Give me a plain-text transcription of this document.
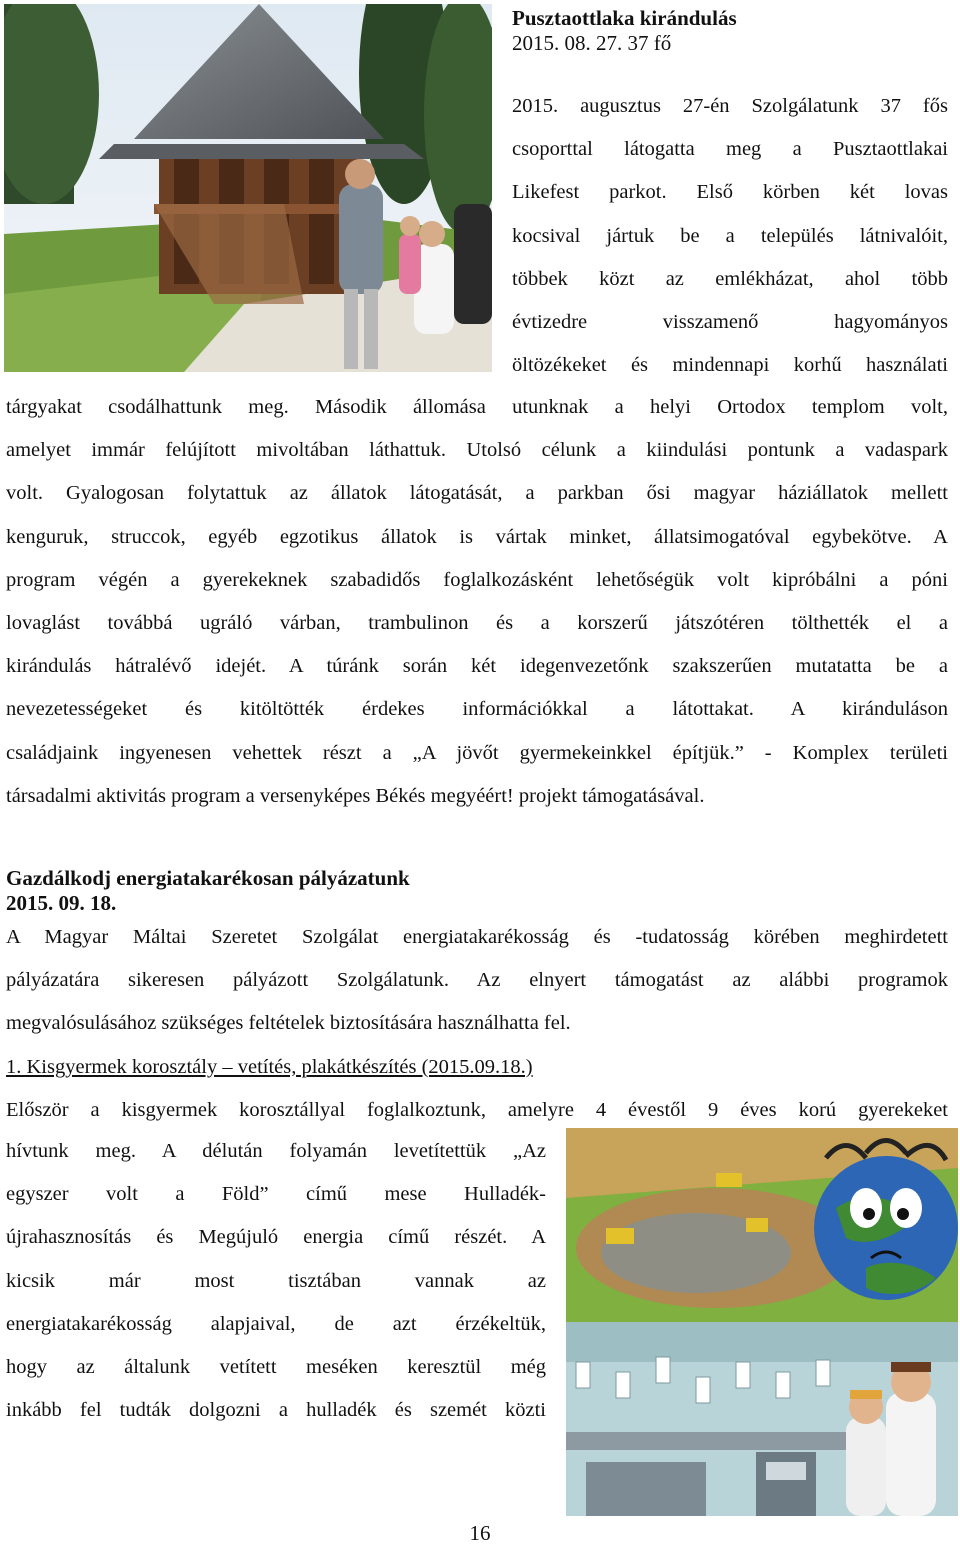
Pusztaottlaka kirándulás
2015. 08. 27. 37 fő
2015. augusztus 27-én Szolgálatunk 37 fős
csoporttal látogatta meg a Pusztaottlakai
Likefest parkot. Első körben két lovas
kocsival jártuk be a település látnivalóit,
többek közt az emlékházat, ahol több
évtizedre visszamenő hagyományos
öltözékeket és mindennapi korhű használati
tárgyakat csodálhattunk meg. Második állomása utunknak a helyi Ortodox templom volt,
amelyet immár felújított mivoltában láthattuk. Utolsó célunk a kiindulási pontunk a vadaspark
volt. Gyalogosan folytattuk az állatok látogatását, a parkban ősi magyar háziállatok mellett
kenguruk, struccok, egyéb egzotikus állatok is vártak minket, állatsimogatóval egybekötve. A
program végén a gyerekeknek szabadidős foglalkozásként lehetőségük volt kipróbálni a póni
lovaglást továbbá ugráló várban, trambulinon és a korszerű játszótéren tölthették el a
kirándulás hátralévő idejét. A túránk során két idegenvezetőnk szakszerűen mutatatta be a
nevezetességeket és kitöltötték érdekes információkkal a látottakat. A kiránduláson
családjaink ingyenesen vehettek részt a „A jövőt gyermekeinkkel építjük.” - Komplex területi
társadalmi aktivitás program a versenyképes Békés megyéért! projekt támogatásával.
Gazdálkodj energiatakarékosan pályázatunk
2015. 09. 18.
A Magyar Máltai Szeretet Szolgálat energiatakarékosság és -tudatosság körében meghirdetett
pályázatára sikeresen pályázott Szolgálatunk. Az elnyert támogatást az alábbi programok
megvalósulásához szükséges feltételek biztosítására használhatta fel.
1. Kisgyermek korosztály – vetítés, plakátkészítés (2015.09.18.)
Először a kisgyermek korosztállyal foglalkoztunk, amelyre 4 évestől 9 éves korú gyerekeket
hívtunk meg. A délután folyamán levetítettük „Az
egyszer volt a Föld” című mese Hulladék-
újrahasznosítás és Megújuló energia című részét. A
kicsik már most tisztában vannak az
energiatakarékosság alapjaival, de azt érzékeltük,
hogy az általunk vetített meséken keresztül még
inkább fel tudták dolgozni a hulladék és szemét közti
16
